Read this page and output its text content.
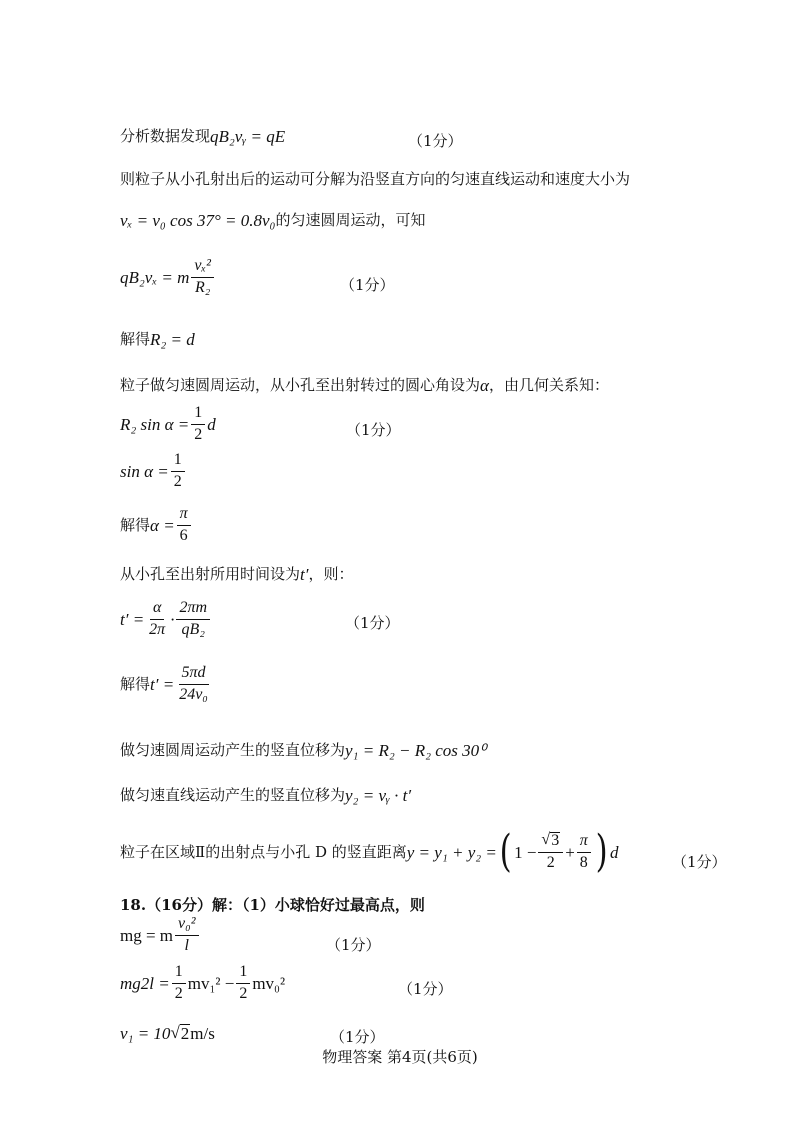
分析数据发现 qB₂vᵧ = qE	（1分）
则粒子从小孔射出后的运动可分解为沿竖直方向的匀速直线运动和速度大小为
vₓ = v₀ cos 37° = 0.8v₀ 的匀速圆周运动，可知
qB₂vₓ = m $\frac{\text{vₓ²}}{\text{R₂}}$	（1分）
解得 R₂ = d
粒子做匀速圆周运动，从小孔至出射转过的圆心角设为 α ，由几何关系知：
R₂ $\sin \alpha = \frac{1}{2}$ d	（1分）
$\sin \alpha = \frac{1}{2}$
解得 $\alpha = \frac{\pi}{6}$
从小孔至出射所用时间设为 t′ ，则：
$t' = \frac{\alpha}{2\pi} \cdot \frac{2\pi m}{\text{qB₂}}$	（1分）
解得 $t' = \frac{5\pi d}{\text{24v₀}}$
做匀速圆周运动产生的竖直位移为 y₁ = R₂ − R₂ cos 30⁰
做匀速直线运动产生的竖直位移为 y₂ = vᵧ · t′
粒子在区域Ⅱ的出射点与小孔 D 的竖直距离 y = y₁ + y₂ = ( $1 - \frac{√ 3}{2} + \frac{\pi}{8}$ ) d
（1分）
18.（16分）解：（1）小球恰好过最高点，则
mg = m $\frac{\text{v₀²}}{l}$	（1分）
$mg2l = \frac{1}{2} mv_1^2 - \frac{1}{2} mv_0^2$	（1分）
v₁ = 10 √ 2 m/s	（1分）
物理答案 第4页(共6页)
